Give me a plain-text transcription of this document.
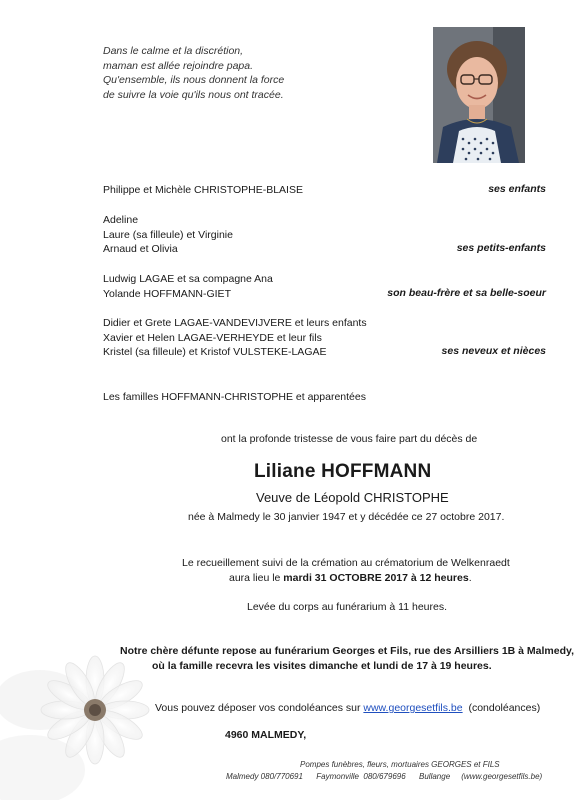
Dans le calme et la discrétion,
maman est allée rejoindre papa.
Qu'ensemble, ils nous donnent la force
de suivre la voie qu'ils nous ont tracée.
Philippe et Michèle CHRISTOPHE-BLAISE	ses enfants
Adeline
Laure (sa filleule) et Virginie
Arnaud et Olivia	ses petits-enfants
Ludwig LAGAE et sa compagne Ana
Yolande HOFFMANN-GIET	son beau-frère et sa belle-soeur
Didier et Grete LAGAE-VANDEVIJVERE et leurs enfants
Xavier et Helen LAGAE-VERHEYDE et leur fils
Kristel (sa filleule) et Kristof VULSTEKE-LAGAE	ses neveux et nièces
Les familles HOFFMANN-CHRISTOPHE et apparentées
ont la profonde tristesse de vous faire part du décès de
Liliane HOFFMANN
Veuve de Léopold CHRISTOPHE
née à Malmedy le 30 janvier 1947 et y décédée ce 27 octobre 2017.
Le recueillement suivi de la crémation au crématorium de Welkenraedt
aura lieu le mardi 31 OCTOBRE 2017 à 12 heures.
Levée du corps au funérarium à 11 heures.
Notre chère défunte repose au funérarium Georges et Fils, rue des Arsilliers 1B à Malmedy,
où la famille recevra les visites dimanche et lundi de 17 à 19 heures.
Vous pouvez déposer vos condoléances sur www.georgesetfils.be  (condoléances)
4960 MALMEDY,
Pompes funèbres, fleurs, mortuaires GEORGES et FILS
Malmedy 080/770691      Faymonville  080/679696      Bullange     (www.georgesetfils.be)
